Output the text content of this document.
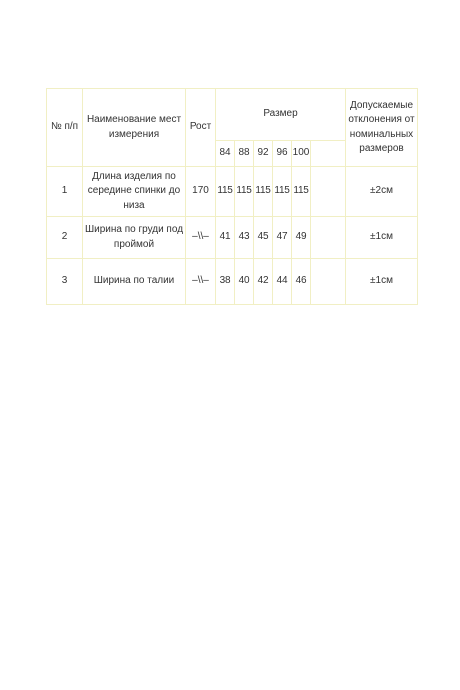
№ п/п	Наименование мест измерения	Рост	Размер						Допускаемые отклонения от номинальных размеров
			84	88	92	96	100		
1	Длина изделия по середине спинки до низа	170	115	115	115	115	115		±2см
2	Ширина по груди под проймой	–\\–	41	43	45	47	49		±1см
3	Ширина по талии	–\\–	38	40	42	44	46		±1см
